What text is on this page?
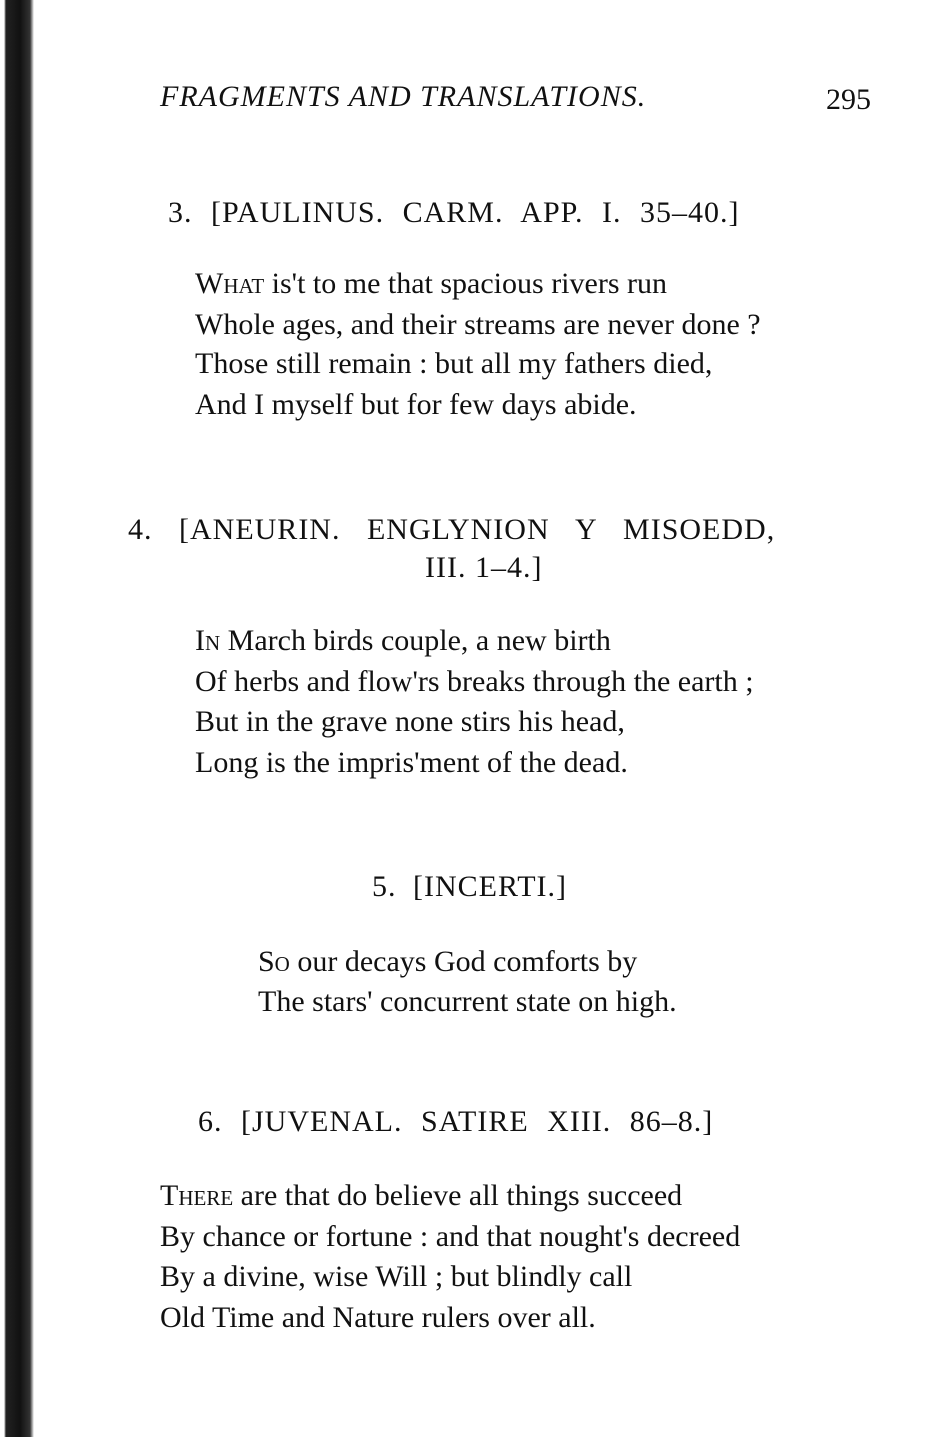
FRAGMENTS AND TRANSLATIONS.	295
3. [PAULINUS. CARM. APP. I. 35–40.]
What is't to me that spacious rivers run
Whole ages, and their streams are never done ?
Those still remain : but all my fathers died,
And I myself but for few days abide.
4. [ANEURIN. ENGLYNION Y MISOEDD,
III. 1–4.]
In March birds couple, a new birth
Of herbs and flow'rs breaks through the earth ;
But in the grave none stirs his head,
Long is the impris'ment of the dead.
5. [INCERTI.]
So our decays God comforts by
The stars' concurrent state on high.
6. [JUVENAL. SATIRE XIII. 86–8.]
There are that do believe all things succeed
By chance or fortune : and that nought's decreed
By a divine, wise Will ; but blindly call
Old Time and Nature rulers over all.
